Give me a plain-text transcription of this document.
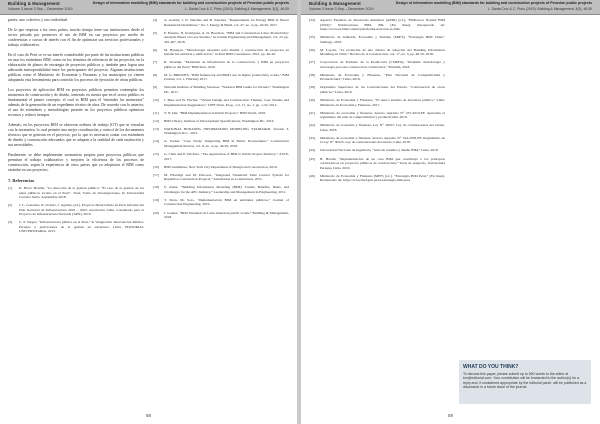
Building & Management
Volume 3 Issue 3 Sep – December 2019
Design of information modelling (BIM) standards for building and construction projects of Peruvian public projects
L. Santa Cruz & C. Pinto (2019). Building & Management, 3(3), 46-59

partes, uno colectivo y otro individual.

De lo que respecta a los otros países, mucho tiempo tiene sus instituciones desde el sector privado por promover el uso de BIM en sus proyectos por medio de conferencias o cursos de interés con el fin de optimizar sus servicios profesionales y trabajo colaborativo.

En el caso de Perú se ve un interés considerable por parte de las instituciones públicas en usar los estándares BIM, como en los términos de referencia de los proyectos, en la elaboración de planos de estrategia de proyectos públicos y, también para lograr una adecuada interoperabilidad entre los participantes del proyecto. Algunas instituciones públicas como el Ministerio de Economía y Finanzas y los municipios ya vienen adoptando esta herramienta para controlar los procesos de ejecución de obras públicas.

Los proyectos de aplicación BIM en proyectos públicos permiten contemplar los momentos de construcción y de diseño, teniendo en cuenta que en el sector público es fundamental el primer concepto, el cual es BIM para el “entender los momentos” además de la generación de un expediente técnico de obra. De acuerdo con lo anterior, el uso de estándares y metodologías permite en los proyectos públicos optimizar recursos y reducir tiempos.

Además, en los proyectos BIM se observan ordenes de trabajo (OT) que se vinculan con la normativa, lo cual permite una mejor coordinación y control de los documentos técnicos que se generan en el proyecto, por lo que es necesario contar con estándares de diseño y construcción adecuados que se adapten a la realidad de cada institución y sus necesidades.

Finalmente, se debe implementar normativas propias para proyectos públicos que permitan el trabajo colaborativo y mejoren la eficiencia de los procesos de construcción, según la experiencia de otros países que ya adoptaron el BIM como estándar en sus proyectos.

7. Referencias
[1]	K. Barco Bonilla, “La dirección de la gestión pública: “El caso de la gestión de los entes públicos locales en el Perú”. Tesis, Tomo de investigaciones, In Universidad Católica Santa, Septiembre 2018.
[2]	J. L. Gonzales, R. Oviedo, J. Aguirre, (ed.). Proyecto Desarrollado en Perú. Informe del Plan Nacional de Infraestructura 2019 – 2025. Asociación Lima. Consultado para el Proyecto de Infraestructura Nacional (APN), 2019.
[3]	C. P. Vargas, “Infraestructura pública en el Perú,” in Vanguardia: Intervención Pública, Peruano y aplicaciones de la gestión en estructura. Lima: EDITORIAL UNIVERSITARIA, 2015.
[4]	A. Grabitz, J. N. Sánchez and B. Sanchez, “Requirements for Energy BIM in Nueva Residencial Institutions,” Int. J. Energy & Build, vol. 47, no. 4, pp. 46-59, 2017.
[5]	P. Fuentes, N. Rodriguez, A. D. Bouchon, “BIM and Construction Labor Productivity: Analysis Based on Case Studies,” in Journal Engineering and Management, vol. 23, pp. 455-467, 2018.
[6]	M. Bynagon, “Metodología adoptada para diseñar y construcción de proyectos en instalación sanitaria y edificación,” in Perú BIM Consultores, 2021, pp. 46-49.
[7]	R. Terazaki, “Modelado de información de la construcción, y BIM en proyectos públicos del Perú,” BIM Peru, 2016.
[8]	M. G. BRIONES, “BIM framework and BIM's use in higher productivity works,” BIM Journal, vol. 1, February 2017.
[9]	National Institute of Building Sciences, “National BIM Guide for Owners,” Washington DC, 2017.
[10]	J. Bare and W. Fischer, “Virtual Design and Construction: Themes, Case Studies and Implementation Suggestions,” CIFE Work. Prog., vol. 17, no. 1, pp. 1-32, 2012.
[11]	Y. N. Dai, “BIM Implementation in Public Projects,” BIM World, 2016.
[12]	BIM Library, Institute of Development Specifications, Washington DC, 2016.
[13]	NATIONAL BUILDING INFORMATION MODELING STANDARD, Version 3, Washington D.C., 2015.
[14]	A. Tucker, “Case Study: Integrating BIM in Public Procurement,” Construction Management Review, vol. 8, no. 4, pp. 46-59, 2018.
[15]	G. Chen and P. Teicholz, “The Application of BIM to Public Project Delivery,” ASCE, 2017.
[16]	BIM Guidelines, New York City Department of Design and Construction, 2016.
[17]	M. Elbeltagi and M. Dawood, “Integrated Visualized Time Control System for Repetitive Construction Projects,” Automation in Construction, 2011.
[18]	S. Azhar, “Building Information Modeling (BIM): Trends, Benefits, Risks, and Challenges for the AEC Industry,” Leadership and Management in Engineering, 2011.
[19]	T. Dorn, M. Soto, “Implementación BIM en entidades públicas,” Journal of Construction Engineering, 2019.
[20]	J. Gomez, “BIM Standards in Latin American public works,” Building & Management, 2018.
58
Building & Management
Volume 3 Issue 3 Sep – December 2019
Design of information modelling (BIM) standards for building and construction projects of Peruvian public projects
L. Santa Cruz & C. Pinto (2019). Building & Management, 3(3), 46-59
[34]	Agencia Española de Desarrollo Industrial (AEDI) [s.f.], “Biblioteca Normal BIM [2019],” Publicaciones BIM. BD, [En línea]. Recuperado de: https://www.es.bim/content/plataforma-nacional-es-bim/
[35]	Ministerio de Industria, Economía y Turismo (MIET), “Estrategia BIM Chile,” Santiago, 2016.
[36]	M. Loyola, “La evolución de una cultura de adopción del Building Information Modeling en Chile,” Revista de la Construcción, vol. 17, no. 3, pp. 46-59, 2018.
[37]	Corporación de Fomento de la Producción (CORFO), “Planbim: metodología y tecnología para una construcción colaborativa,” Planbim, 2018.
[38]	Ministerio de Economía y Finanzas, “Plan Nacional de Competitividad y Productividad,” Lima, 2019.
[39]	Organismo Supervisor de las Contrataciones del Estado, “Contratación de obras públicas,” Lima, 2019.
[40]	Ministerio de Economía y Finanzas, “El nuevo sistema de inversión pública,” Lima: Ministerio de Economía y Finanzas, 2017.
[41]	Ministerio de economía y finanzas, decreto supremo N° 237-2019-EF, Aprueban el reglamento del plan de competitividad y productividad, 2019.
[42]	Ministerio de economía y finanzas, Ley N° 30225, Ley de contrataciones del estado, Lima, 2018.
[43]	Ministerio de economía y finanzas, decreto supremo N° 344-2018-EF, Reglamento de la Ley N° 30225, Ley de contrataciones del estado, Lima, 2018.
[44]	Universidad Nacional de Ingeniería, “Guía de estudios y diseño BIM,” Lima, 2018.
[45]	B. Hardin, “Implementación de un caso BIM que contribuye a los principios colaborativos en proyectos públicos de construcción,” Tesis de pregrado, Universidad Peruana, Lima, 2019.
[46]	Ministerio de Economía y Finanzas (MEF) [s.f.], “Estrategia BIM Perú,” [En línea]. Recuperado de: https://www.mef.gob.pe/es/estrategia-bim-peru
WHAT DO YOU THINK?
To discuss this paper, please submit up to 500 words to the editor at bm@editorial.com. Your contribution will be forwarded to the author(s) for a reply and, if considered appropriate by the editorial panel, will be published as a discussion in a future issue of the journal.
59
